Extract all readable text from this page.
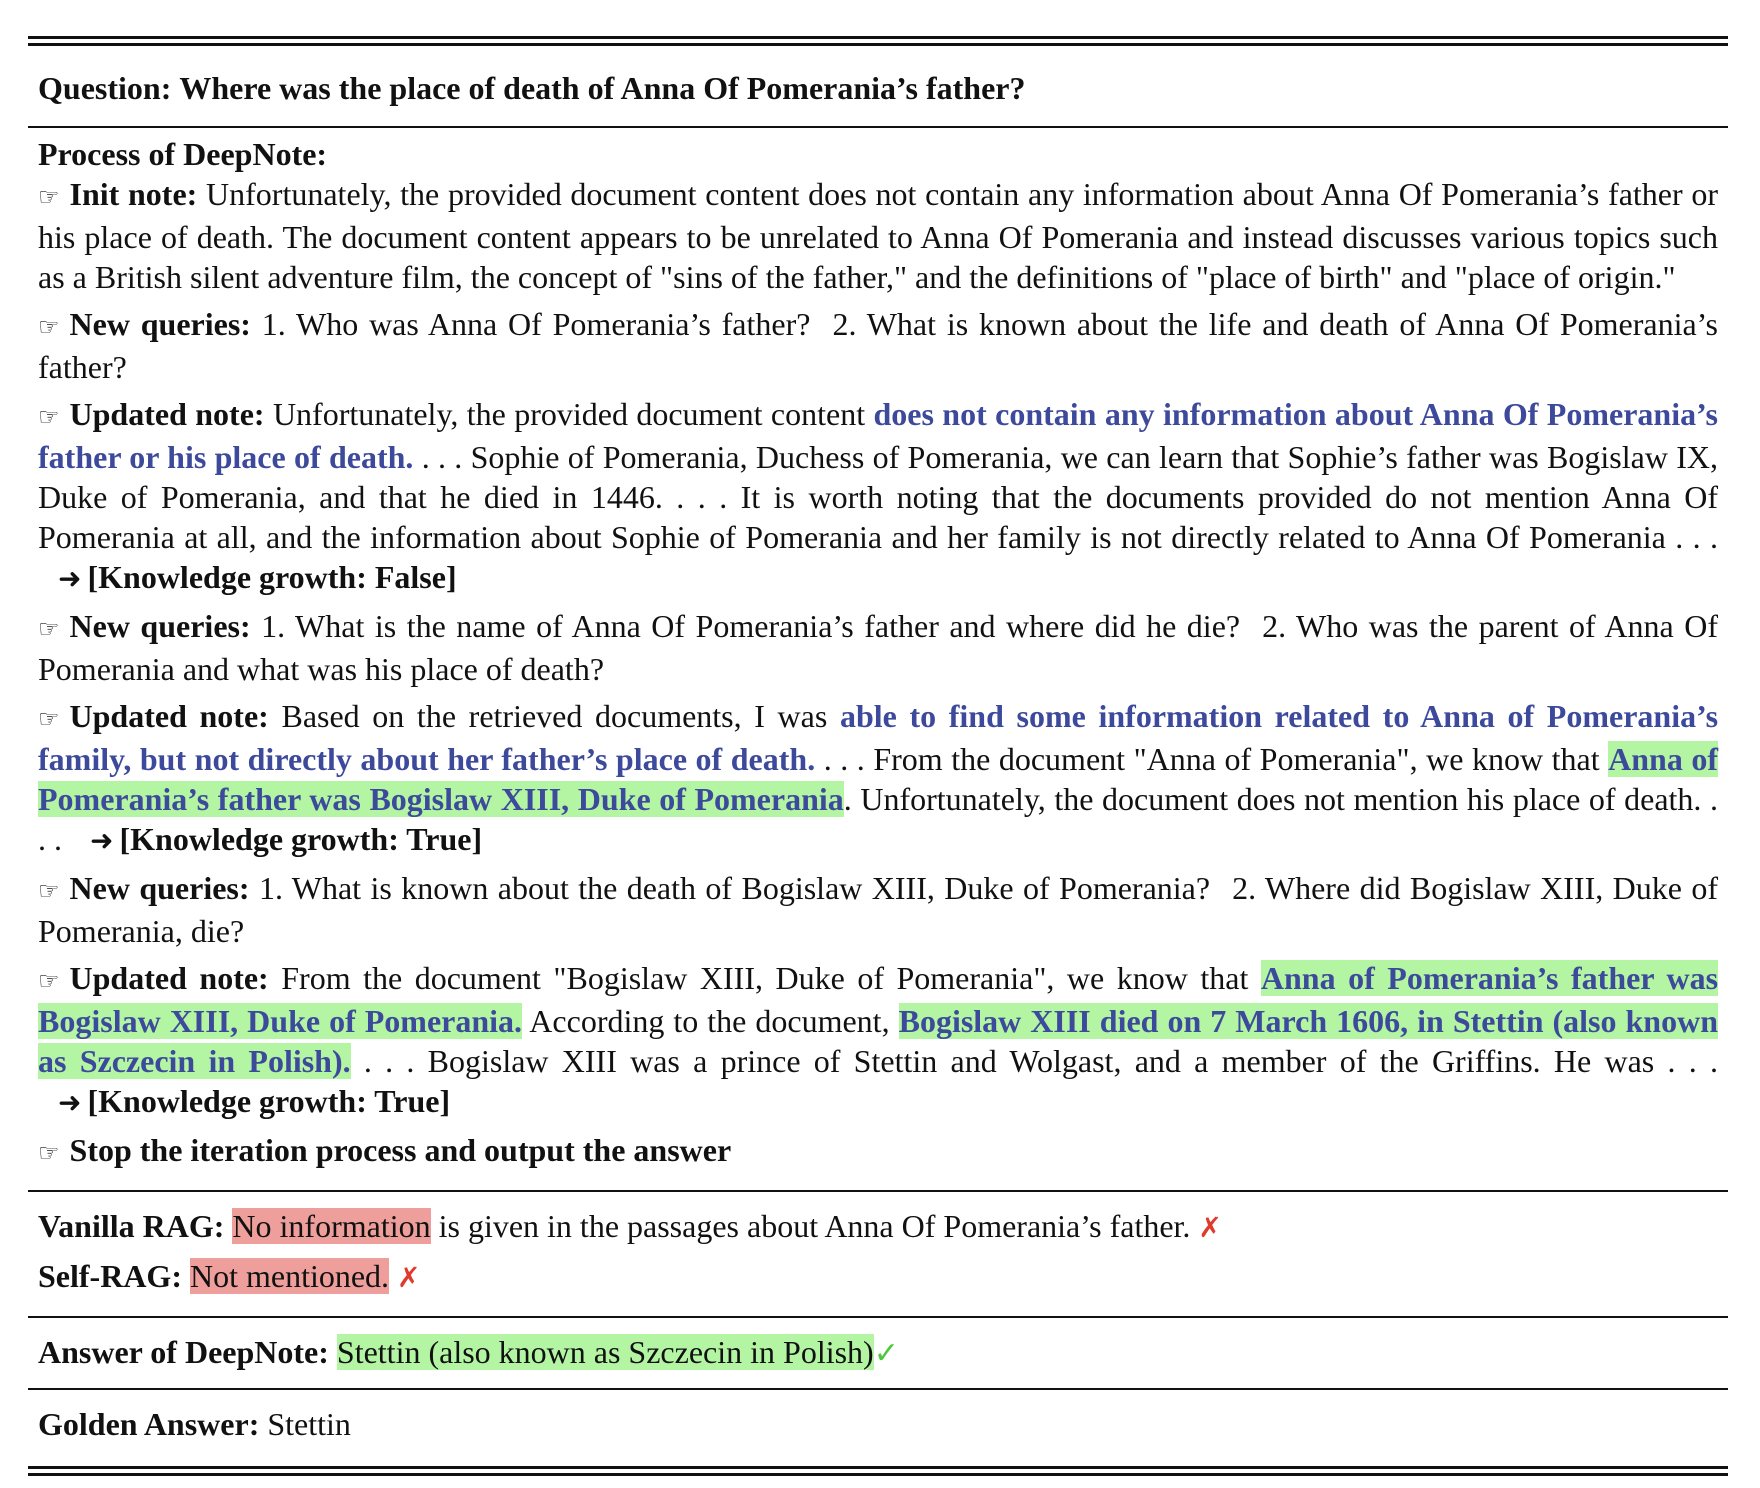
Question: Where was the place of death of Anna Of Pomerania’s father?
Process of DeepNote:

☞ Init note: Unfortunately, the provided document content does not contain any information about Anna Of Pomerania’s father or his place of death. The document content appears to be unrelated to Anna Of Pomerania and instead discusses various topics such as a British silent adventure film, the concept of "sins of the father," and the definitions of "place of birth" and "place of origin."

☞ New queries: 1. Who was Anna Of Pomerania’s father? 2. What is known about the life and death of Anna Of Pomerania’s father?

☞ Updated note: Unfortunately, the provided document content does not contain any information about Anna Of Pomerania’s father or his place of death. . . . Sophie of Pomerania, Duchess of Pomerania, we can learn that Sophie’s father was Bogislaw IX, Duke of Pomerania, and that he died in 1446. . . . It is worth noting that the documents provided do not mention Anna Of Pomerania at all, and the information about Sophie of Pomerania and her family is not directly related to Anna Of Pomerania . . . ➜ [Knowledge growth: False]

☞ New queries: 1. What is the name of Anna Of Pomerania’s father and where did he die? 2. Who was the parent of Anna Of Pomerania and what was his place of death?

☞ Updated note: Based on the retrieved documents, I was able to find some information related to Anna of Pomerania’s family, but not directly about her father’s place of death. . . . From the document "Anna of Pomerania", we know that Anna of Pomerania’s father was Bogislaw XIII, Duke of Pomerania. Unfortunately, the document does not mention his place of death. . . . ➜ [Knowledge growth: True]

☞ New queries: 1. What is known about the death of Bogislaw XIII, Duke of Pomerania? 2. Where did Bogislaw XIII, Duke of Pomerania, die?

☞ Updated note: From the document "Bogislaw XIII, Duke of Pomerania", we know that Anna of Pomerania’s father was Bogislaw XIII, Duke of Pomerania. According to the document, Bogislaw XIII died on 7 March 1606, in Stettin (also known as Szczecin in Polish). . . . Bogislaw XIII was a prince of Stettin and Wolgast, and a member of the Griffins. He was . . . ➜ [Knowledge growth: True]

☞ Stop the iteration process and output the answer

Vanilla RAG: No information is given in the passages about Anna Of Pomerania’s father. ✗

Self-RAG: Not mentioned. ✗

Answer of DeepNote: Stettin (also known as Szczecin in Polish)✓
Golden Answer: Stettin
